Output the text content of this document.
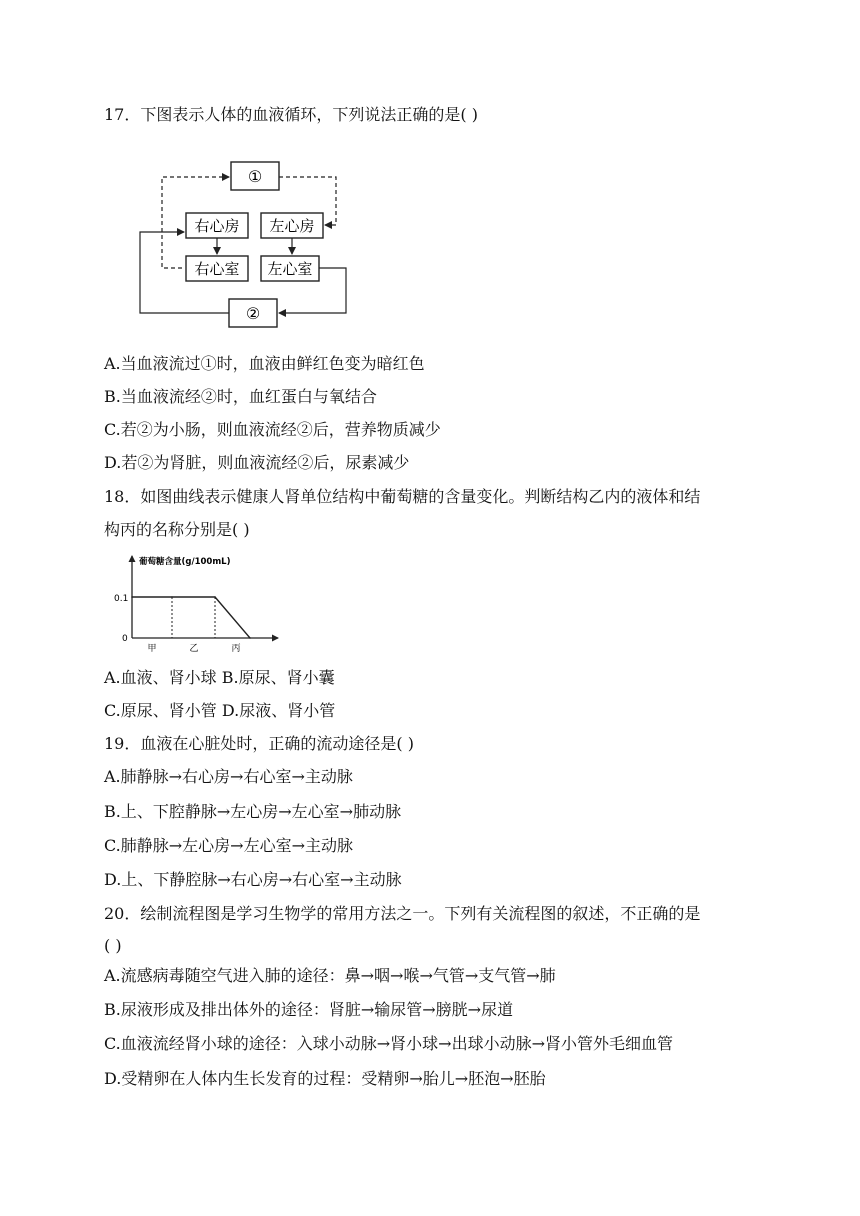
17．下图表示人体的血液循环，下列说法正确的是( )
①
右心房 左心房
右心室 左心室
②
A.当血液流过①时，血液由鲜红色变为暗红色
B.当血液流经②时，血红蛋白与氧结合
C.若②为小肠，则血液流经②后，营养物质减少
D.若②为肾脏，则血液流经②后，尿素减少
18．如图曲线表示健康人肾单位结构中葡萄糖的含量变化。判断结构乙内的液体和结
构丙的名称分别是( )
葡萄糖含量(g/100mL)
0.1
0
甲	乙	丙
A.血液、肾小球 B.原尿、肾小囊
C.原尿、肾小管 D.尿液、肾小管
19．血液在心脏处时，正确的流动途径是( )
A.肺静脉→右心房→右心室→主动脉
B.上、下腔静脉→左心房→左心室→肺动脉
C.肺静脉→左心房→左心室→主动脉
D.上、下静腔脉→右心房→右心室→主动脉
20．绘制流程图是学习生物学的常用方法之一。下列有关流程图的叙述，不正确的是
( )
A.流感病毒随空气进入肺的途径：鼻→咽→喉→气管→支气管→肺
B.尿液形成及排出体外的途径：肾脏→输尿管→膀胱→尿道
C.血液流经肾小球的途径：入球小动脉→肾小球→出球小动脉→肾小管外毛细血管
D.受精卵在人体内生长发育的过程：受精卵→胎儿→胚泡→胚胎
